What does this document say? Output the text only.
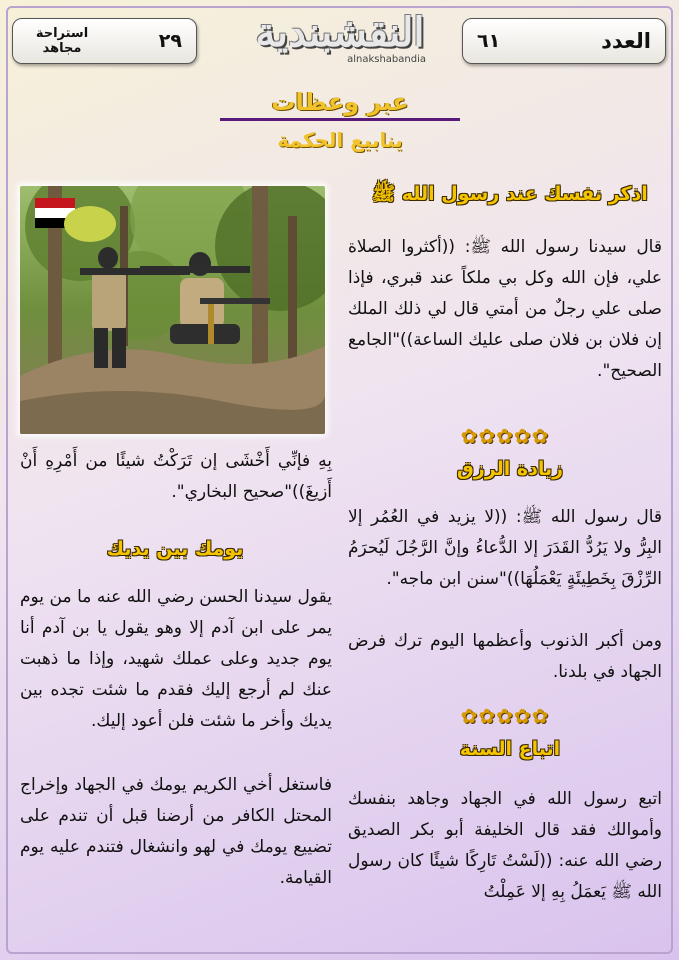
٦١	العدد
النقشبندية
alnakshabandia
استراحة مجاهد	٢٩
عبر وعظات
ينابيع الحكمة
اذكر نفسك عند رسول الله ﷺ
قال سيدنا رسول الله ﷺ: ((أكثروا الصلاة علي، فإن الله وكل بي ملكاً عند قبري، فإذا صلى علي رجلٌ من أمتي قال لي ذلك الملك إن فلان بن فلان صلى عليك الساعة))"الجامع الصحيح".
✿✿✿✿✿
زيادة الرزق
قال رسول الله ﷺ: ((لا يزيد في العُمُر إلا البِرُّ ولا يَرُدُّ القَدَرَ إلا الدُّعاءُ وإنَّ الرَّجُلَ لَيُحرَمُ الرِّزْقَ بِخَطِيئَةٍ يَعْمَلُهَا))"سنن ابن ماجه".
ومن أكبر الذنوب وأعظمها اليوم ترك فرض الجهاد في بلدنا.
✿✿✿✿✿
اتباع السنة
اتبع رسول الله في الجهاد وجاهد بنفسك وأموالك فقد قال الخليفة أبو بكر الصديق رضي الله عنه: ((لَسْتُ تَارِكًا شيئًا كان رسول الله ﷺ يَعمَلُ بِهِ إلا عَمِلْتُ
بِهِ فإنِّي أَخْشَى إن تَرَكْتُ شيئًا من أَمْرِهِ أَنْ أَزيغَ))"صحيح البخاري".
يومك بين يديك
يقول سيدنا الحسن رضي الله عنه ما من يوم يمر على ابن آدم إلا وهو يقول يا بن آدم أنا يوم جديد وعلى عملك شهيد، وإذا ما ذهبت عنك لم أرجع إليك فقدم ما شئت تجده بين يديك وأخر ما شئت فلن أعود إليك.
فاستغل أخي الكريم يومك في الجهاد وإخراج المحتل الكافر من أرضنا قبل أن تندم على تضييع يومك في لهو وانشغال فتندم عليه يوم القيامة.
